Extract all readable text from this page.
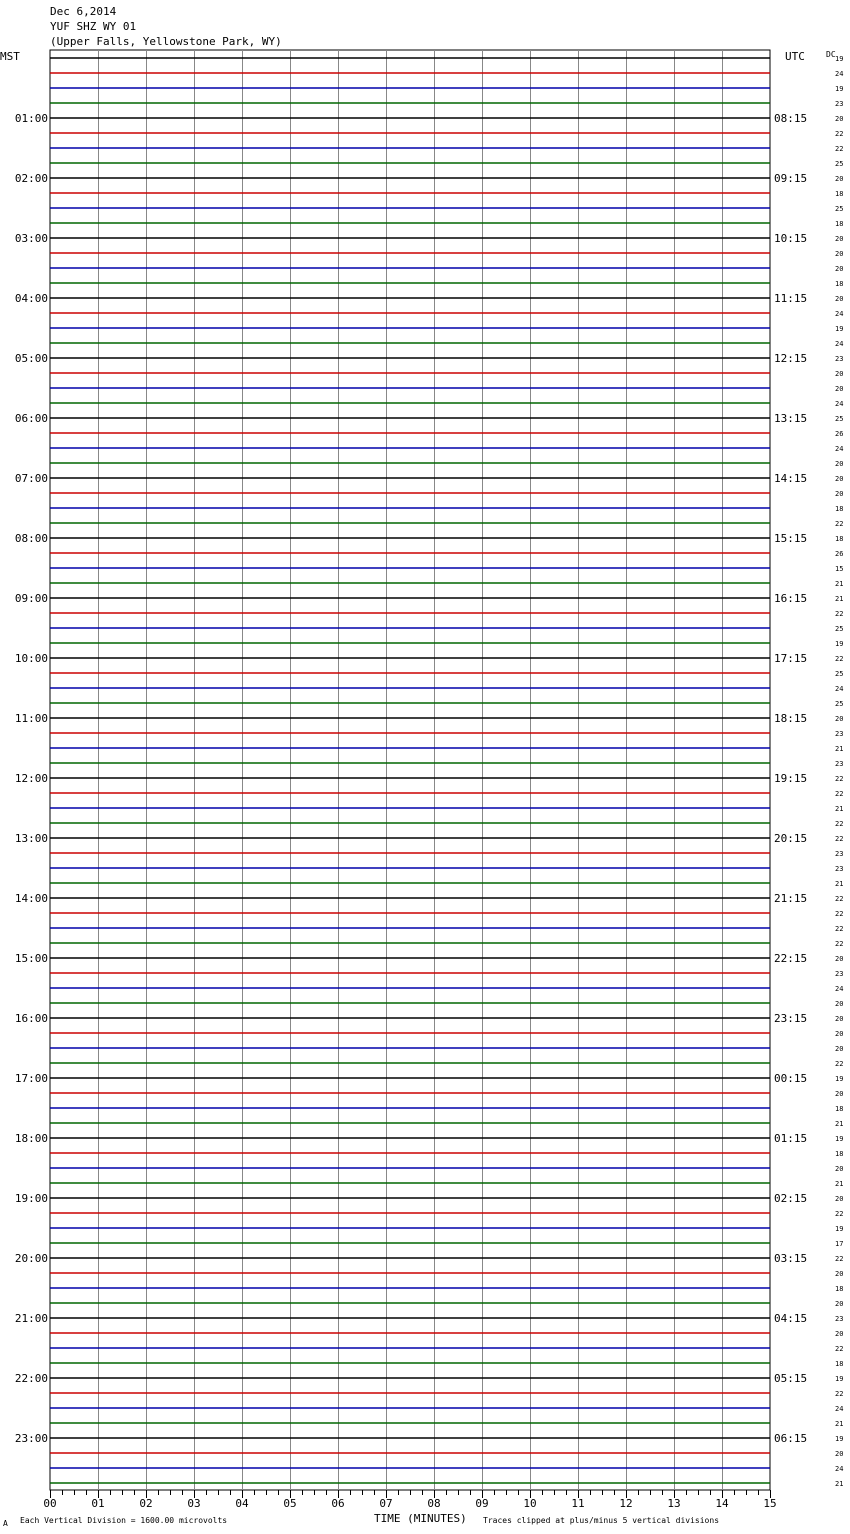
Dec 6,2014
YUF SHZ WY 01
(Upper Falls, Yellowstone Park, WY)
MST	UTC	DC 19
24
19
23
20
22
22
25
20
18
25
18
20
20
20
18
20
24
19
24
23
20
20
24
25
26
24
20
20
20
18
22
18
26
15
21
21
22
25
19
22
25
24
25
20
23
21
23
22
22
21
22
22
23
23
21
22
22
22
22
20
23
24
20
20
20
20
22
19
20
18
21
19
18
20
21
20
22
19
17
22
20
18
20
23
20
22
18
19
22
24
21
19
20
24
21
01:00
02:00
03:00
04:00
05:00
06:00
07:00
08:00
09:00
10:00
11:00
12:00
13:00
14:00
15:00
16:00
17:00
18:00
19:00
20:00
21:00
22:00
23:00
08:15
09:15
10:15
11:15
12:15
13:15
14:15
15:15
16:15
17:15
18:15
19:15
20:15
21:15
22:15
23:15
00:15
01:15
02:15
03:15
04:15
05:15
06:15
00	01	02	03	04	05	06	07	08	09	10	11	12	13	14	15
A Each Vertical Division = 1600.00 microvolts	TIME (MINUTES) Traces clipped at plus/minus 5 vertical divisions
